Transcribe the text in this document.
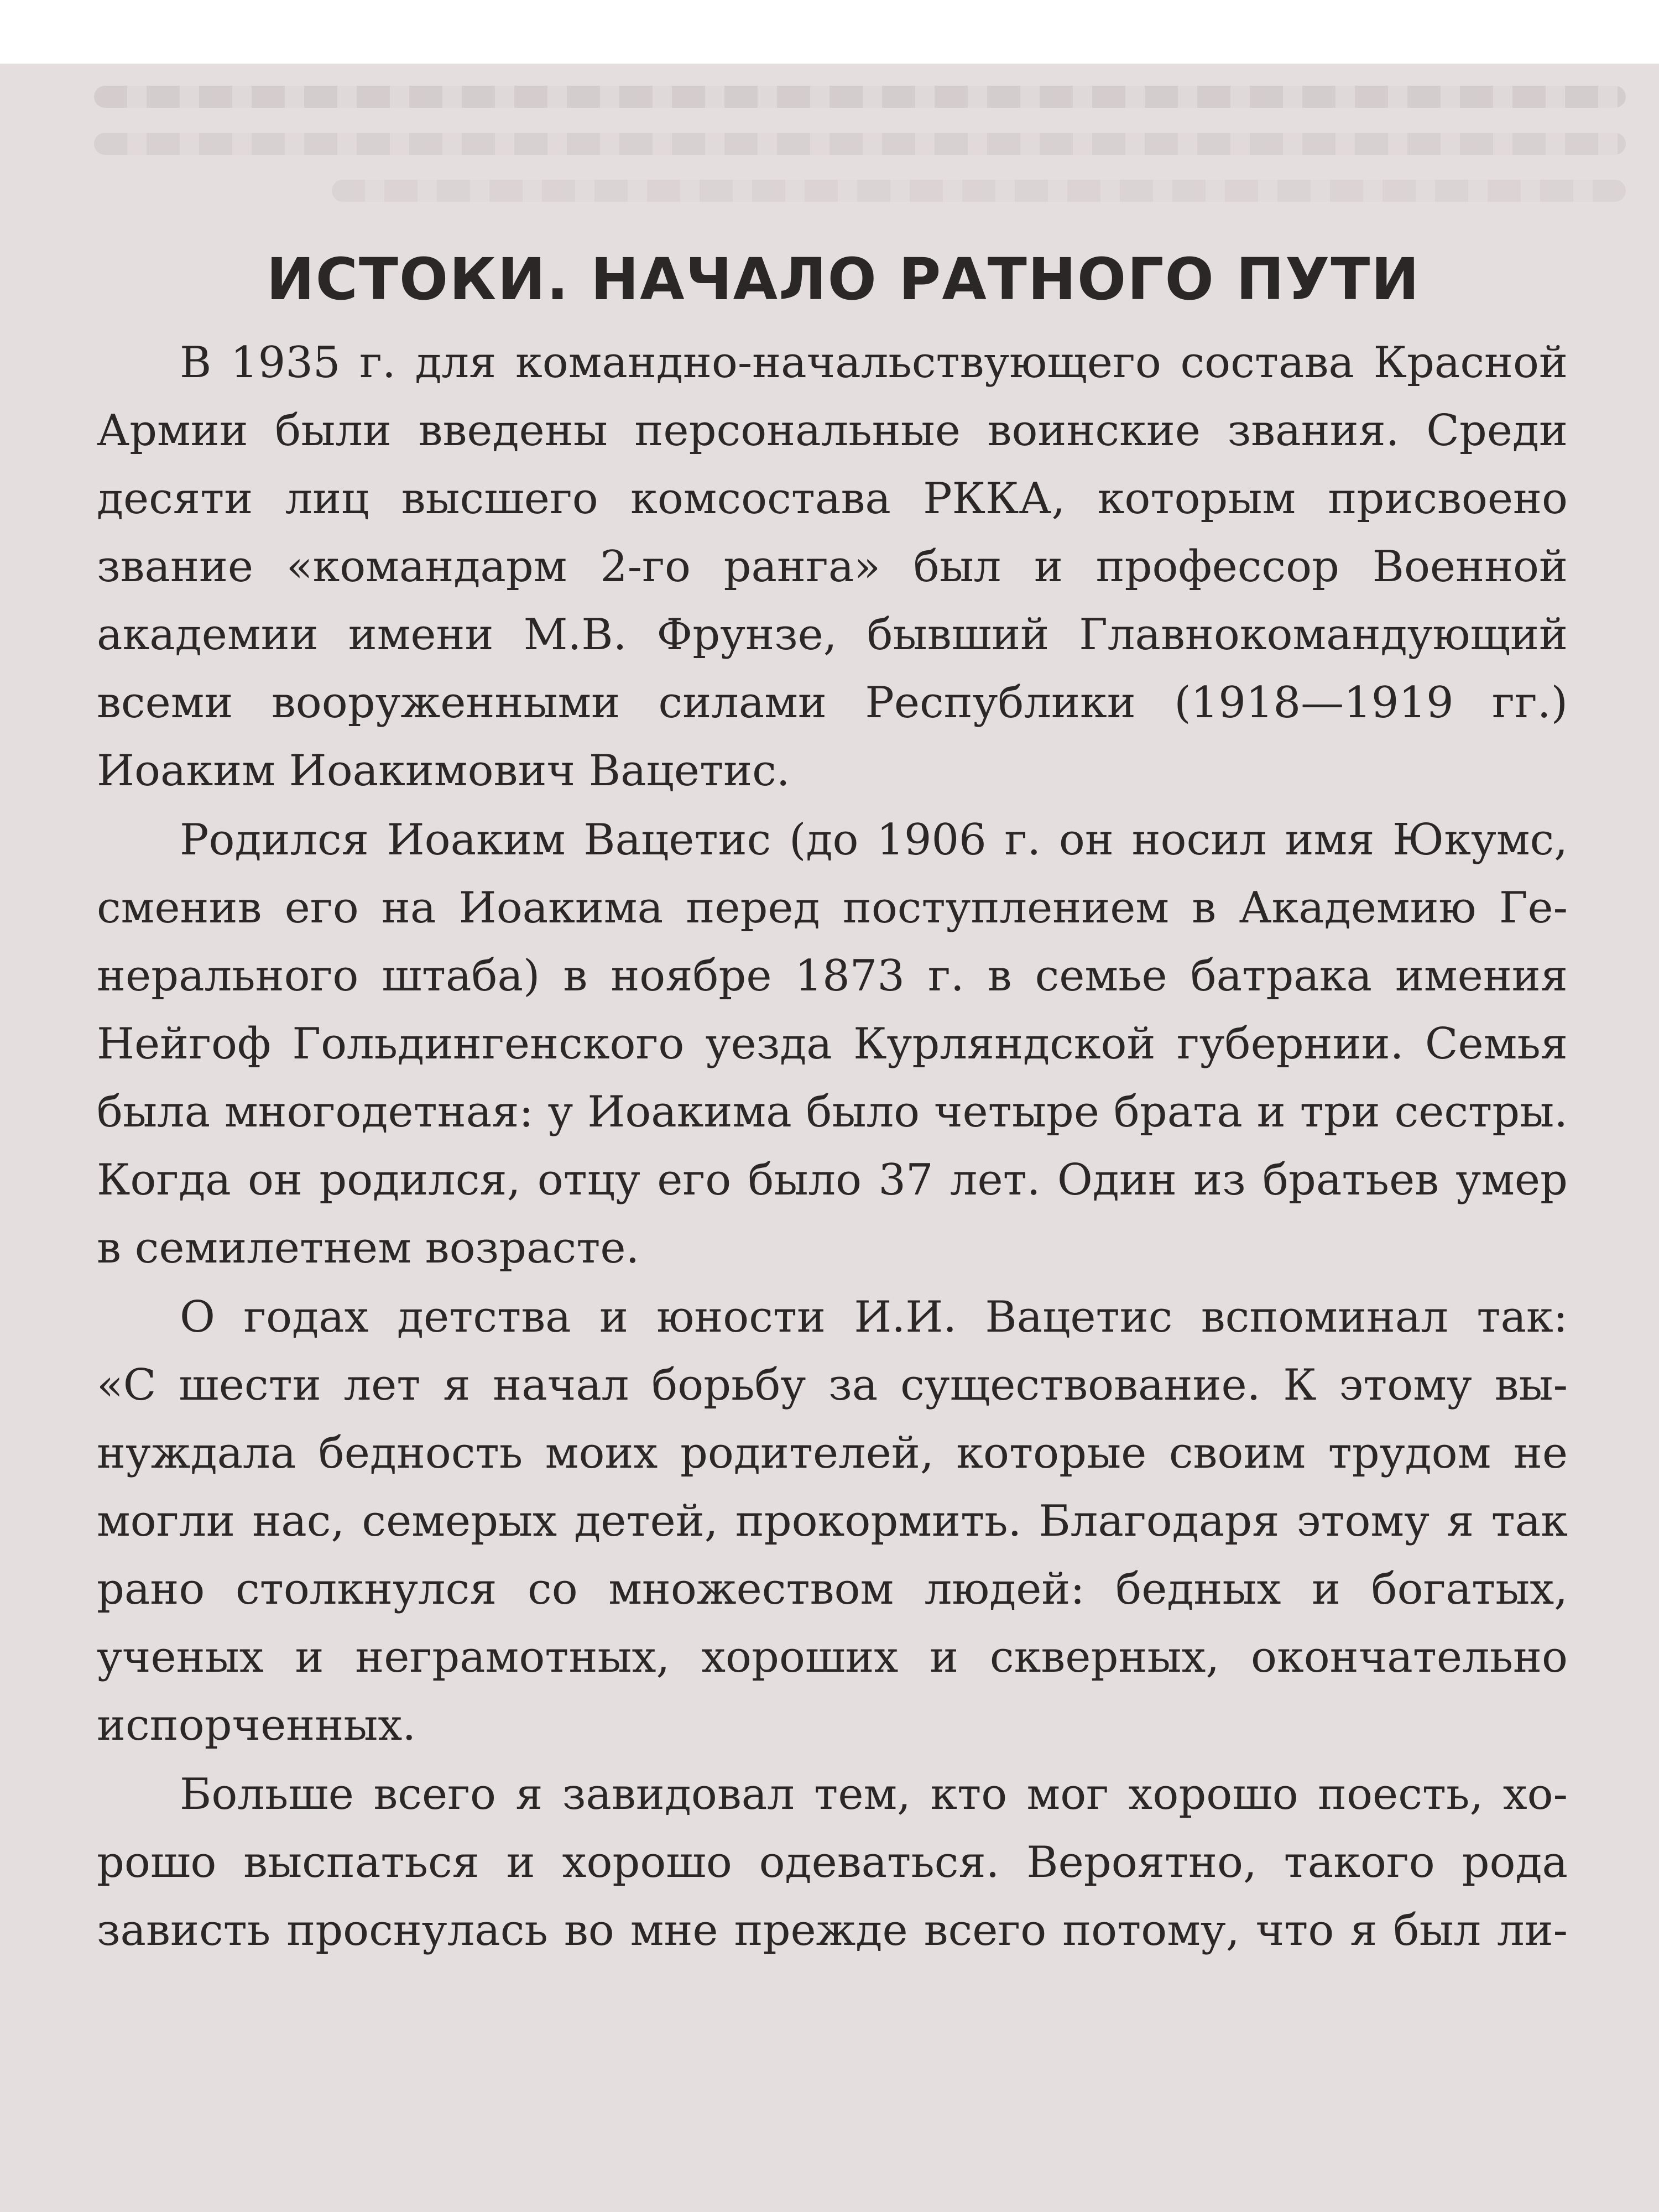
ИСТОКИ. НАЧАЛО РАТНОГО ПУТИ

В 1935 г. для командно-начальствующего состава Красной
Армии были введены персональные воинские звания. Среди
десяти лиц высшего комсостава РККА, которым присвоено
звание «командарм 2-го ранга» был и профессор Военной
академии имени М.В. Фрунзе, бывший Главнокомандующий
всеми вооруженными силами Республики (1918—1919 гг.)
Иоаким Иоакимович Вацетис.

Родился Иоаким Вацетис (до 1906 г. он носил имя Юкумс,
сменив его на Иоакима перед поступлением в Академию Ге-
нерального штаба) в ноябре 1873 г. в семье батрака имения
Нейгоф Гольдингенского уезда Курляндской губернии. Семья
была многодетная: у Иоакима было четыре брата и три сестры.
Когда он родился, отцу его было 37 лет. Один из братьев умер
в семилетнем возрасте.

О годах детства и юности И.И. Вацетис вспоминал так:
«С шести лет я начал борьбу за существование. К этому вы-
нуждала бедность моих родителей, которые своим трудом не
могли нас, семерых детей, прокормить. Благодаря этому я так
рано столкнулся со множеством людей: бедных и богатых,
ученых и неграмотных, хороших и скверных, окончательно
испорченных.

Больше всего я завидовал тем, кто мог хорошо поесть, хо-
рошо выспаться и хорошо одеваться. Вероятно, такого рода
зависть проснулась во мне прежде всего потому, что я был ли-
